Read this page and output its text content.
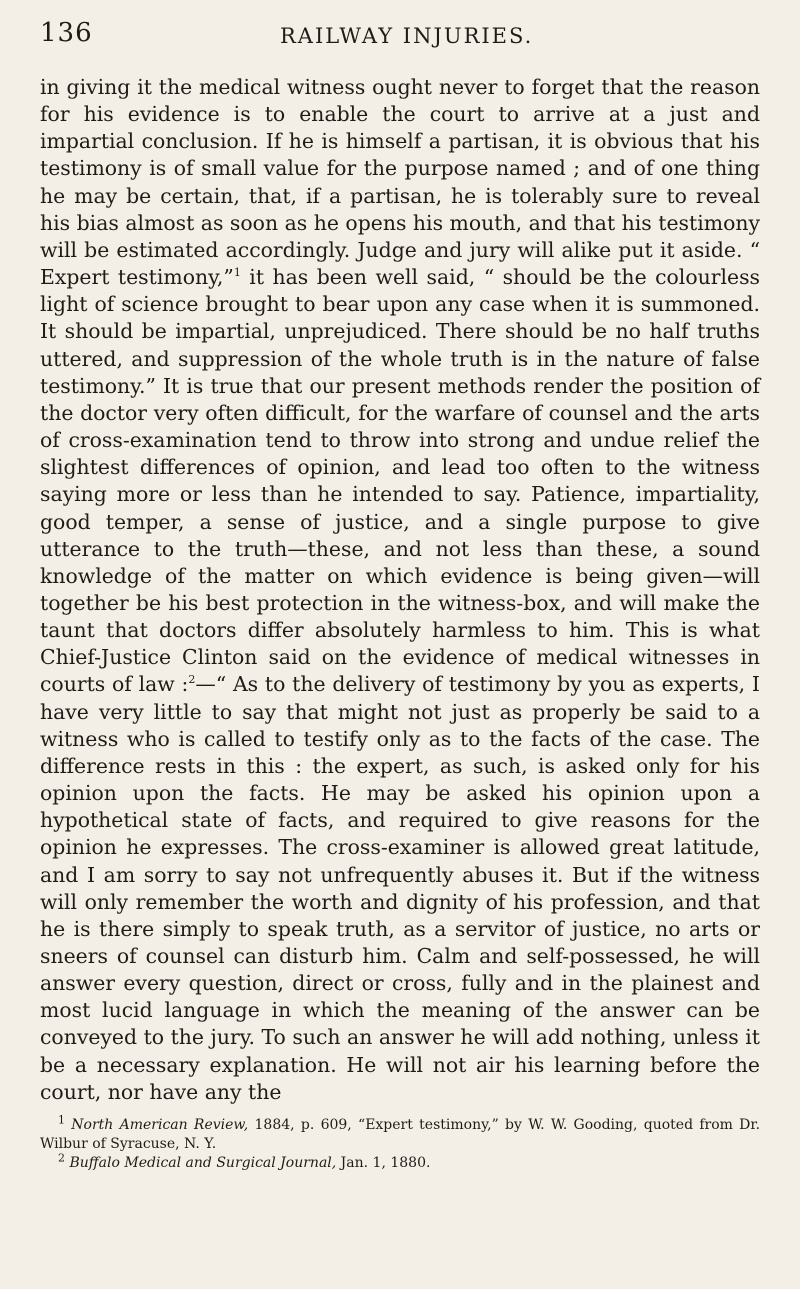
136	RAILWAY INJURIES.
in giving it the medical witness ought never to forget that the reason for his evidence is to enable the court to arrive at a just and impartial conclusion. If he is himself a partisan, it is obvious that his testimony is of small value for the purpose named ; and of one thing he may be certain, that, if a partisan, he is tolerably sure to reveal his bias almost as soon as he opens his mouth, and that his testimony will be estimated accordingly. Judge and jury will alike put it aside. “ Expert testimony,”$^1$ it has been well said, “ should be the colourless light of science brought to bear upon any case when it is summoned. It should be impartial, unprejudiced. There should be no half truths uttered, and suppression of the whole truth is in the nature of false testimony.” It is true that our present methods render the position of the doctor very often difficult, for the warfare of counsel and the arts of cross-examination tend to throw into strong and undue relief the slightest differences of opinion, and lead too often to the witness saying more or less than he intended to say. Patience, impartiality, good temper, a sense of justice, and a single purpose to give utterance to the truth—these, and not less than these, a sound knowledge of the matter on which evidence is being given—will together be his best protection in the witness-box, and will make the taunt that doctors differ absolutely harmless to him. This is what Chief-Justice Clinton said on the evidence of medical witnesses in courts of law :$^2$—“ As to the delivery of testimony by you as experts, I have very little to say that might not just as properly be said to a witness who is called to testify only as to the facts of the case. The difference rests in this : the expert, as such, is asked only for his opinion upon the facts. He may be asked his opinion upon a hypothetical state of facts, and required to give reasons for the opinion he expresses. The cross-examiner is allowed great latitude, and I am sorry to say not unfrequently abuses it. But if the witness will only remember the worth and dignity of his profession, and that he is there simply to speak truth, as a servitor of justice, no arts or sneers of counsel can disturb him. Calm and self-possessed, he will answer every question, direct or cross, fully and in the plainest and most lucid language in which the meaning of the answer can be conveyed to the jury. To such an answer he will add nothing, unless it be a necessary explanation. He will not air his learning before the court, nor have any the
$^1$ North American Review, 1884, p. 609, “Expert testimony,” by W. W. Gooding, quoted from Dr. Wilbur of Syracuse, N. Y.
$^2$ Buffalo Medical and Surgical Journal, Jan. 1, 1880.
